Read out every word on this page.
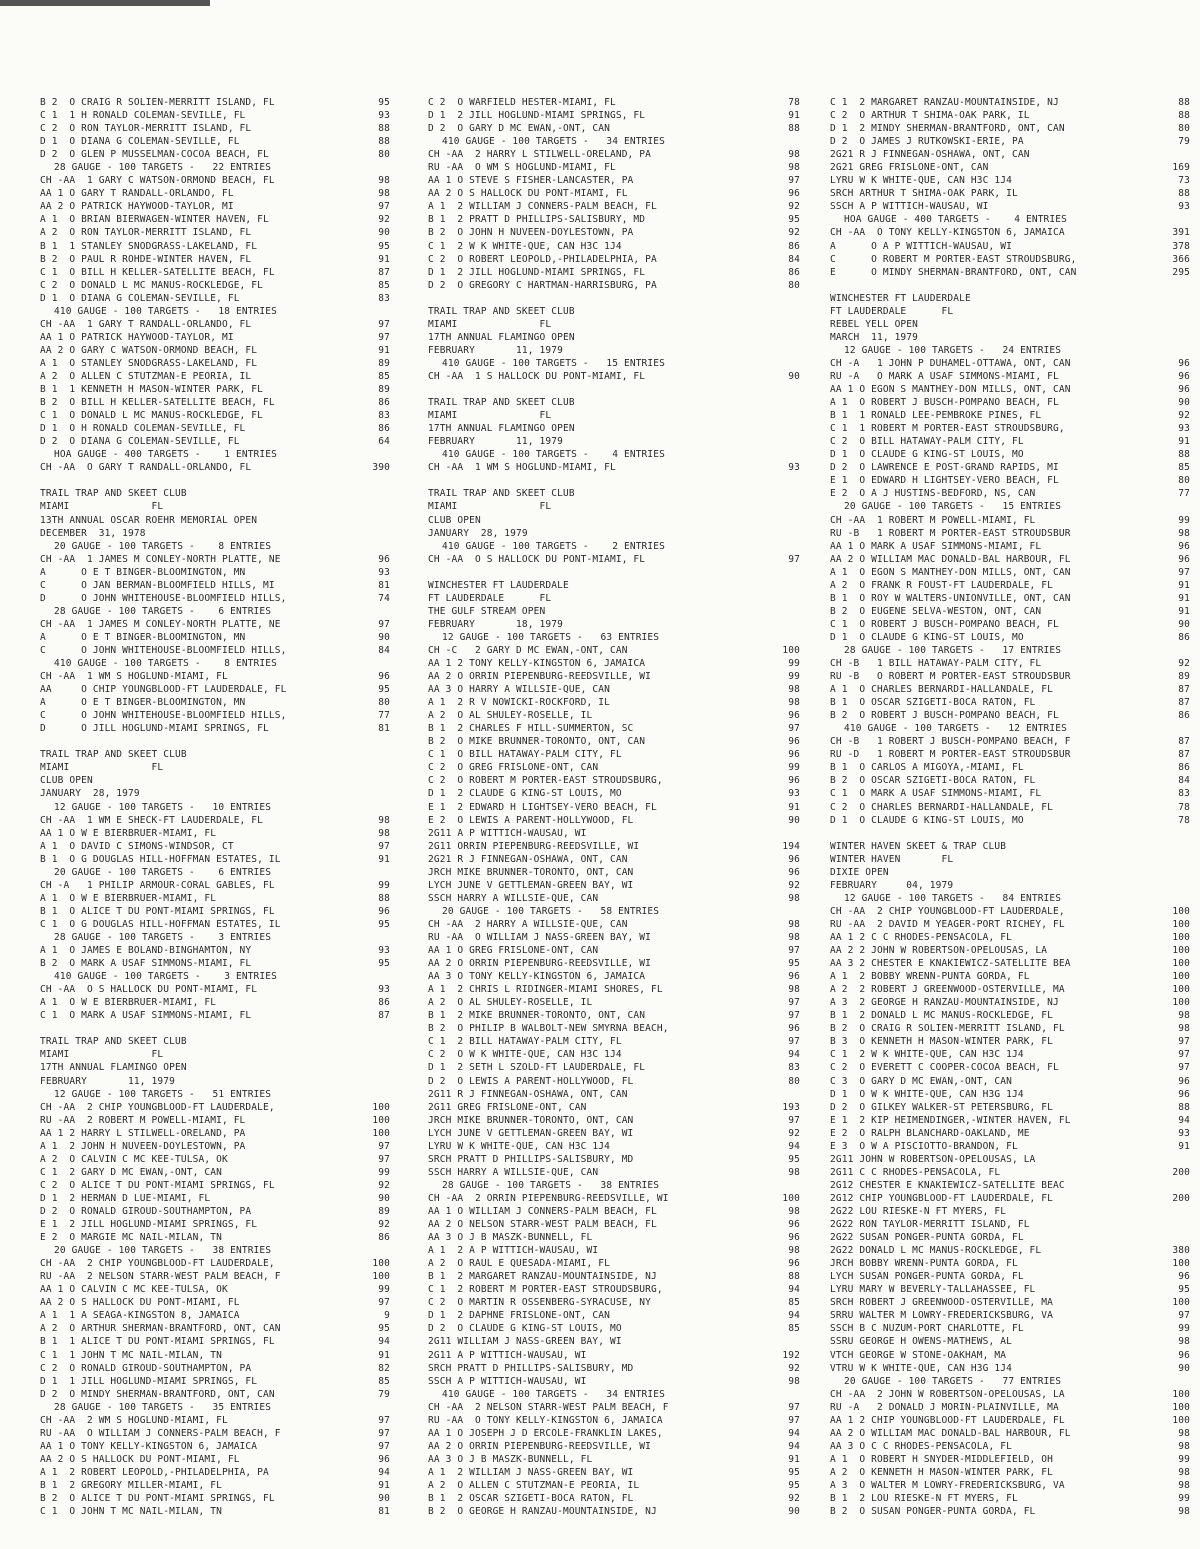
B 2  O CRAIG R SOLIEN-MERRITT ISLAND, FL	95
C 1  1 H RONALD COLEMAN-SEVILLE, FL	93
C 2  O RON TAYLOR-MERRITT ISLAND, FL	88
D 1  O DIANA G COLEMAN-SEVILLE, FL	88
D 2  O GLEN P MUSSELMAN-COCOA BEACH, FL	80
28 GAUGE - 100 TARGETS -   22 ENTRIES
CH -AA  1 GARY C WATSON-ORMOND BEACH, FL	98
AA 1 O GARY T RANDALL-ORLANDO, FL	98
AA 2 O PATRICK HAYWOOD-TAYLOR, MI	97
A 1  O BRIAN BIERWAGEN-WINTER HAVEN, FL	92
A 2  O RON TAYLOR-MERRITT ISLAND, FL	90
B 1  1 STANLEY SNODGRASS-LAKELAND, FL	95
B 2  O PAUL R ROHDE-WINTER HAVEN, FL	91
C 1  O BILL H KELLER-SATELLITE BEACH, FL	87
C 2  O DONALD L MC MANUS-ROCKLEDGE, FL	85
D 1  O DIANA G COLEMAN-SEVILLE, FL	83
410 GAUGE - 100 TARGETS -   18 ENTRIES
CH -AA  1 GARY T RANDALL-ORLANDO, FL	97
AA 1 O PATRICK HAYWOOD-TAYLOR, MI	97
AA 2 O GARY C WATSON-ORMOND BEACH, FL	91
A 1  O STANLEY SNODGRASS-LAKELAND, FL	89
A 2  O ALLEN C STUTZMAN-E PEORIA, IL	85
B 1  1 KENNETH H MASON-WINTER PARK, FL	89
B 2  O BILL H KELLER-SATELLITE BEACH, FL	86
C 1  O DONALD L MC MANUS-ROCKLEDGE, FL	83
D 1  O H RONALD COLEMAN-SEVILLE, FL	86
D 2  O DIANA G COLEMAN-SEVILLE, FL	64
HOA GAUGE - 400 TARGETS -    1 ENTRIES
CH -AA  O GARY T RANDALL-ORLANDO, FL	390
TRAIL TRAP AND SKEET CLUB
MIAMI              FL
13TH ANNUAL OSCAR ROEHR MEMORIAL OPEN
DECEMBER  31, 1978
20 GAUGE - 100 TARGETS -    8 ENTRIES
CH -AA  1 JAMES M CONLEY-NORTH PLATTE, NE	96
A      O E T BINGER-BLOOMINGTON, MN	93
C      O JAN BERMAN-BLOOMFIELD HILLS, MI	81
D      O JOHN WHITEHOUSE-BLOOMFIELD HILLS,	74
28 GAUGE - 100 TARGETS -    6 ENTRIES
CH -AA  1 JAMES M CONLEY-NORTH PLATTE, NE	97
A      O E T BINGER-BLOOMINGTON, MN	90
C      O JOHN WHITEHOUSE-BLOOMFIELD HILLS,	84
410 GAUGE - 100 TARGETS -    8 ENTRIES
CH -AA  1 WM S HOGLUND-MIAMI, FL	96
AA     O CHIP YOUNGBLOOD-FT LAUDERDALE, FL	95
A      O E T BINGER-BLOOMINGTON, MN	80
C      O JOHN WHITEHOUSE-BLOOMFIELD HILLS,	77
D      O JILL HOGLUND-MIAMI SPRINGS, FL	81
TRAIL TRAP AND SKEET CLUB
MIAMI              FL
CLUB OPEN
JANUARY  28, 1979
12 GAUGE - 100 TARGETS -   10 ENTRIES
CH -AA  1 WM E SHECK-FT LAUDERDALE, FL	98
AA 1 O W E BIERBRUER-MIAMI, FL	98
A 1  O DAVID C SIMONS-WINDSOR, CT	97
B 1  O G DOUGLAS HILL-HOFFMAN ESTATES, IL	91
20 GAUGE - 100 TARGETS -    6 ENTRIES
CH -A   1 PHILIP ARMOUR-CORAL GABLES, FL	99
A 1  O W E BIERBRUER-MIAMI, FL	88
B 1  O ALICE T DU PONT-MIAMI SPRINGS, FL	96
C 1  O G DOUGLAS HILL-HOFFMAN ESTATES, IL	95
28 GAUGE - 100 TARGETS -    3 ENTRIES
A 1  O JAMES E BOLAND-BINGHAMTON, NY	93
B 2  O MARK A USAF SIMMONS-MIAMI, FL	95
410 GAUGE - 100 TARGETS -    3 ENTRIES
CH -AA  O S HALLOCK DU PONT-MIAMI, FL	93
A 1  O W E BIERBRUER-MIAMI, FL	86
C 1  O MARK A USAF SIMMONS-MIAMI, FL	87
TRAIL TRAP AND SKEET CLUB
MIAMI              FL
17TH ANNUAL FLAMINGO OPEN
FEBRUARY       11, 1979
12 GAUGE - 100 TARGETS -   51 ENTRIES
CH -AA  2 CHIP YOUNGBLOOD-FT LAUDERDALE,	100
RU -AA  2 ROBERT M POWELL-MIAMI, FL	100
AA 1 2 HARRY L STILWELL-ORELAND, PA	100
A 1  2 JOHN H NUVEEN-DOYLESTOWN, PA	97
A 2  O CALVIN C MC KEE-TULSA, OK	97
C 1  2 GARY D MC EWAN,-ONT, CAN	99
C 2  O ALICE T DU PONT-MIAMI SPRINGS, FL	92
D 1  2 HERMAN D LUE-MIAMI, FL	90
D 2  O RONALD GIROUD-SOUTHAMPTON, PA	89
E 1  2 JILL HOGLUND-MIAMI SPRINGS, FL	92
E 2  O MARGIE MC NAIL-MILAN, TN	86
20 GAUGE - 100 TARGETS -   38 ENTRIES
CH -AA  2 CHIP YOUNGBLOOD-FT LAUDERDALE,	100
RU -AA  2 NELSON STARR-WEST PALM BEACH, F	100
AA 1 O CALVIN C MC KEE-TULSA, OK	99
AA 2 O S HALLOCK DU PONT-MIAMI, FL	97
A 1  1 A SEAGA-KINGSTON 8, JAMAICA	9
A 2  O ARTHUR SHERMAN-BRANTFORD, ONT, CAN	95
B 1  1 ALICE T DU PONT-MIAMI SPRINGS, FL	94
C 1  1 JOHN T MC NAIL-MILAN, TN	91
C 2  O RONALD GIROUD-SOUTHAMPTON, PA	82
D 1  1 JILL HOGLUND-MIAMI SPRINGS, FL	85
D 2  O MINDY SHERMAN-BRANTFORD, ONT, CAN	79
28 GAUGE - 100 TARGETS -   35 ENTRIES
CH -AA  2 WM S HOGLUND-MIAMI, FL	97
RU -AA  O WILLIAM J CONNERS-PALM BEACH, F	97
AA 1 O TONY KELLY-KINGSTON 6, JAMAICA	97
AA 2 O S HALLOCK DU PONT-MIAMI, FL	96
A 1  2 ROBERT LEOPOLD,-PHILADELPHIA, PA	94
B 1  2 GREGORY MILLER-MIAMI, FL	91
B 2  O ALICE T DU PONT-MIAMI SPRINGS, FL	90
C 1  O JOHN T MC NAIL-MILAN, TN	81
C 2  O WARFIELD HESTER-MIAMI, FL	78
D 1  2 JILL HOGLUND-MIAMI SPRINGS, FL	91
D 2  O GARY D MC EWAN,-ONT, CAN	88
410 GAUGE - 100 TARGETS -   34 ENTRIES
CH -AA  2 HARRY L STILWELL-ORELAND, PA	98
RU -AA  O WM S HOGLUND-MIAMI, FL	98
AA 1 O STEVE S FISHER-LANCASTER, PA	97
AA 2 O S HALLOCK DU PONT-MIAMI, FL	96
A 1  2 WILLIAM J CONNERS-PALM BEACH, FL	92
B 1  2 PRATT D PHILLIPS-SALISBURY, MD	95
B 2  O JOHN H NUVEEN-DOYLESTOWN, PA	92
C 1  2 W K WHITE-QUE, CAN H3C 1J4	86
C 2  O ROBERT LEOPOLD,-PHILADELPHIA, PA	84
D 1  2 JILL HOGLUND-MIAMI SPRINGS, FL	86
D 2  O GREGORY C HARTMAN-HARRISBURG, PA	80
TRAIL TRAP AND SKEET CLUB
MIAMI              FL
17TH ANNUAL FLAMINGO OPEN
FEBRUARY       11, 1979
410 GAUGE - 100 TARGETS -   15 ENTRIES
CH -AA  1 S HALLOCK DU PONT-MIAMI, FL	90
TRAIL TRAP AND SKEET CLUB
MIAMI              FL
17TH ANNUAL FLAMINGO OPEN
FEBRUARY       11, 1979
410 GAUGE - 100 TARGETS -    4 ENTRIES
CH -AA  1 WM S HOGLUND-MIAMI, FL	93
TRAIL TRAP AND SKEET CLUB
MIAMI              FL
CLUB OPEN
JANUARY  28, 1979
410 GAUGE - 100 TARGETS -    2 ENTRIES
CH -AA  O S HALLOCK DU PONT-MIAMI, FL	97
WINCHESTER FT LAUDERDALE
FT LAUDERDALE      FL
THE GULF STREAM OPEN
FEBRUARY       18, 1979
12 GAUGE - 100 TARGETS -   63 ENTRIES
CH -C   2 GARY D MC EWAN,-ONT, CAN	100
AA 1 2 TONY KELLY-KINGSTON 6, JAMAICA	99
AA 2 O ORRIN PIEPENBURG-REEDSVILLE, WI	99
AA 3 O HARRY A WILLSIE-QUE, CAN	98
A 1  2 R V NOWICKI-ROCKFORD, IL	98
A 2  O AL SHULEY-ROSELLE, IL	96
B 1  2 CHARLES F HILL-SUMMERTON, SC	97
B 2  O MIKE BRUNNER-TORONTO, ONT, CAN	96
C 1  O BILL HATAWAY-PALM CITY, FL	96
C 2  O GREG FRISLONE-ONT, CAN	99
C 2  O ROBERT M PORTER-EAST STROUDSBURG,	96
D 1  2 CLAUDE G KING-ST LOUIS, MO	93
E 1  2 EDWARD H LIGHTSEY-VERO BEACH, FL	91
E 2  O LEWIS A PARENT-HOLLYWOOD, FL	90
2G11 A P WITTICH-WAUSAU, WI
2G11 ORRIN PIEPENBURG-REEDSVILLE, WI	194
2G21 R J FINNEGAN-OSHAWA, ONT, CAN	96
JRCH MIKE BRUNNER-TORONTO, ONT, CAN	96
LYCH JUNE V GETTLEMAN-GREEN BAY, WI	92
SSCH HARRY A WILLSIE-QUE, CAN	98
20 GAUGE - 100 TARGETS -   58 ENTRIES
CH -AA  2 HARRY A WILLSIE-QUE, CAN	98
RU -AA  O WILLIAM J NASS-GREEN BAY, WI	98
AA 1 O GREG FRISLONE-ONT, CAN	97
AA 2 O ORRIN PIEPENBURG-REEDSVILLE, WI	95
AA 3 O TONY KELLY-KINGSTON 6, JAMAICA	96
A 1  2 CHRIS L RIDINGER-MIAMI SHORES, FL	98
A 2  O AL SHULEY-ROSELLE, IL	97
B 1  2 MIKE BRUNNER-TORONTO, ONT, CAN	97
B 2  O PHILIP B WALBOLT-NEW SMYRNA BEACH,	96
C 1  2 BILL HATAWAY-PALM CITY, FL	97
C 2  O W K WHITE-QUE, CAN H3C 1J4	94
D 1  2 SETH L SZOLD-FT LAUDERDALE, FL	83
D 2  O LEWIS A PARENT-HOLLYWOOD, FL	80
2G11 R J FINNEGAN-OSHAWA, ONT, CAN
2G11 GREG FRISLONE-ONT, CAN	193
JRCH MIKE BRUNNER-TORONTO, ONT, CAN	97
LYCH JUNE V GETTLEMAN-GREEN BAY, WI	92
LYRU W K WHITE-QUE, CAN H3C 1J4	94
SRCH PRATT D PHILLIPS-SALISBURY, MD	95
SSCH HARRY A WILLSIE-QUE, CAN	98
28 GAUGE - 100 TARGETS -   38 ENTRIES
CH -AA  2 ORRIN PIEPENBURG-REEDSVILLE, WI	100
AA 1 O WILLIAM J CONNERS-PALM BEACH, FL	98
AA 2 O NELSON STARR-WEST PALM BEACH, FL	96
AA 3 O J B MASZK-BUNNELL, FL	96
A 1  2 A P WITTICH-WAUSAU, WI	98
A 2  O RAUL E QUESADA-MIAMI, FL	96
B 1  2 MARGARET RANZAU-MOUNTAINSIDE, NJ	88
C 1  2 ROBERT M PORTER-EAST STROUDSBURG,	94
C 2  O MARTIN R OSSENBERG-SYRACUSE, NY	85
D 1  2 DAPHNE FRISLONE-ONT, CAN	94
D 2  O CLAUDE G KING-ST LOUIS, MO	85
2G11 WILLIAM J NASS-GREEN BAY, WI
2G11 A P WITTICH-WAUSAU, WI	192
SRCH PRATT D PHILLIPS-SALISBURY, MD	92
SSCH A P WITTICH-WAUSAU, WI	98
410 GAUGE - 100 TARGETS -   34 ENTRIES
CH -AA  2 NELSON STARR-WEST PALM BEACH, F	97
RU -AA  O TONY KELLY-KINGSTON 6, JAMAICA	97
AA 1 O JOSEPH J D ERCOLE-FRANKLIN LAKES,	94
AA 2 O ORRIN PIEPENBURG-REEDSVILLE, WI	94
AA 3 O J B MASZK-BUNNELL, FL	91
A 1  2 WILLIAM J NASS-GREEN BAY, WI	95
A 2  O ALLEN C STUTZMAN-E PEORIA, IL	95
B 1  2 OSCAR SZIGETI-BOCA RATON, FL	92
B 2  O GEORGE H RANZAU-MOUNTAINSIDE, NJ	90
C 1  2 MARGARET RANZAU-MOUNTAINSIDE, NJ	88
C 2  O ARTHUR T SHIMA-OAK PARK, IL	88
D 1  2 MINDY SHERMAN-BRANTFORD, ONT, CAN	80
D 2  O JAMES J RUTKOWSKI-ERIE, PA	79
2G21 R J FINNEGAN-OSHAWA, ONT, CAN
2G21 GREG FRISLONE-ONT, CAN	169
LYRU W K WHITE-QUE, CAN H3C 1J4	73
SRCH ARTHUR T SHIMA-OAK PARK, IL	88
SSCH A P WITTICH-WAUSAU, WI	93
HOA GAUGE - 400 TARGETS -    4 ENTRIES
CH -AA  O TONY KELLY-KINGSTON 6, JAMAICA	391
A      O A P WITTICH-WAUSAU, WI	378
C      O ROBERT M PORTER-EAST STROUDSBURG,	366
E      O MINDY SHERMAN-BRANTFORD, ONT, CAN	295
WINCHESTER FT LAUDERDALE
FT LAUDERDALE      FL
REBEL YELL OPEN
MARCH  11, 1979
12 GAUGE - 100 TARGETS -   24 ENTRIES
CH -A   1 JOHN P DUHAMEL-OTTAWA, ONT, CAN	96
RU -A   O MARK A USAF SIMMONS-MIAMI, FL	96
AA 1 O EGON S MANTHEY-DON MILLS, ONT, CAN	96
A 1  O ROBERT J BUSCH-POMPANO BEACH, FL	90
B 1  1 RONALD LEE-PEMBROKE PINES, FL	92
C 1  1 ROBERT M PORTER-EAST STROUDSBURG,	93
C 2  O BILL HATAWAY-PALM CITY, FL	91
D 1  O CLAUDE G KING-ST LOUIS, MO	88
D 2  O LAWRENCE E POST-GRAND RAPIDS, MI	85
E 1  O EDWARD H LIGHTSEY-VERO BEACH, FL	80
E 2  O A J HUSTINS-BEDFORD, NS, CAN	77
20 GAUGE - 100 TARGETS -   15 ENTRIES
CH -AA  1 ROBERT M POWELL-MIAMI, FL	99
RU -B   1 ROBERT M PORTER-EAST STROUDSBUR	98
AA 1 O MARK A USAF SIMMONS-MIAMI, FL	96
AA 2 O WILLIAM MAC DONALD-BAL HARBOUR, FL	96
A 1  O EGON S MANTHEY-DON MILLS, ONT, CAN	97
A 2  O FRANK R FOUST-FT LAUDERDALE, FL	91
B 1  O ROY W WALTERS-UNIONVILLE, ONT, CAN	91
B 2  O EUGENE SELVA-WESTON, ONT, CAN	91
C 1  O ROBERT J BUSCH-POMPANO BEACH, FL	90
D 1  O CLAUDE G KING-ST LOUIS, MO	86
28 GAUGE - 100 TARGETS -   17 ENTRIES
CH -B   1 BILL HATAWAY-PALM CITY, FL	92
RU -B   O ROBERT M PORTER-EAST STROUDSBUR	89
A 1  O CHARLES BERNARDI-HALLANDALE, FL	87
B 1  O OSCAR SZIGETI-BOCA RATON, FL	87
B 2  O ROBERT J BUSCH-POMPANO BEACH, FL	86
410 GAUGE - 100 TARGETS -   12 ENTRIES
CH -B   1 ROBERT J BUSCH-POMPANO BEACH, F	87
RU -D   1 ROBERT M PORTER-EAST STROUDSBUR	87
B 1  O CARLOS A MIGOYA,-MIAMI, FL	86
B 2  O OSCAR SZIGETI-BOCA RATON, FL	84
C 1  O MARK A USAF SIMMONS-MIAMI, FL	83
C 2  O CHARLES BERNARDI-HALLANDALE, FL	78
D 1  O CLAUDE G KING-ST LOUIS, MO	78
WINTER HAVEN SKEET & TRAP CLUB
WINTER HAVEN       FL
DIXIE OPEN
FEBRUARY     04, 1979
12 GAUGE - 100 TARGETS -   84 ENTRIES
CH -AA  2 CHIP YOUNGBLOOD-FT LAUDERDALE,	100
RU -AA  2 DAVID M YEAGER-PORT RICHEY, FL	100
AA 1 2 C C RHODES-PENSACOLA, FL	100
AA 2 2 JOHN W ROBERTSON-OPELOUSAS, LA	100
AA 3 2 CHESTER E KNAKIEWICZ-SATELLITE BEA	100
A 1  2 BOBBY WRENN-PUNTA GORDA, FL	100
A 2  2 ROBERT J GREENWOOD-OSTERVILLE, MA	100
A 3  2 GEORGE H RANZAU-MOUNTAINSIDE, NJ	100
B 1  2 DONALD L MC MANUS-ROCKLEDGE, FL	98
B 2  O CRAIG R SOLIEN-MERRITT ISLAND, FL	98
B 3  O KENNETH H MASON-WINTER PARK, FL	97
C 1  2 W K WHITE-QUE, CAN H3C 1J4	97
C 2  O EVERETT C COOPER-COCOA BEACH, FL	97
C 3  O GARY D MC EWAN,-ONT, CAN	96
D 1  O W K WHITE-QUE, CAN H3G 1J4	96
D 2  O GILKEY WALKER-ST PETERSBURG, FL	88
E 1  2 KIP HEIMENDINGER,-WINTER HAVEN, FL	94
E 2  O RALPH BLANCHARD-OAKLAND, ME	93
E 3  O W A PISCIOTTO-BRANDON, FL	91
2G11 JOHN W ROBERTSON-OPELOUSAS, LA
2G11 C C RHODES-PENSACOLA, FL	200
2G12 CHESTER E KNAKIEWICZ-SATELLITE BEAC
2G12 CHIP YOUNGBLOOD-FT LAUDERDALE, FL	200
2G22 LOU RIESKE-N FT MYERS, FL
2G22 RON TAYLOR-MERRITT ISLAND, FL
2G22 SUSAN PONGER-PUNTA GORDA, FL
2G22 DONALD L MC MANUS-ROCKLEDGE, FL	380
JRCH BOBBY WRENN-PUNTA GORDA, FL	100
LYCH SUSAN PONGER-PUNTA GORDA, FL	96
LYRU MARY W BEVERLY-TALLAHASSEE, FL	95
SRCH ROBERT J GREENWOOD-OSTERVILLE, MA	100
SRRU WALTER M LOWRY-FREDERICKSBURG, VA	97
SSCH B C NUZUM-PORT CHARLOTTE, FL	99
SSRU GEORGE H OWENS-MATHEWS, AL	98
VTCH GEORGE W STONE-OAKHAM, MA	96
VTRU W K WHITE-QUE, CAN H3G 1J4	90
20 GAUGE - 100 TARGETS -   77 ENTRIES
CH -AA  2 JOHN W ROBERTSON-OPELOUSAS, LA	100
RU -A   2 DONALD J MORIN-PLAINVILLE, MA	100
AA 1 2 CHIP YOUNGBLOOD-FT LAUDERDALE, FL	100
AA 2 O WILLIAM MAC DONALD-BAL HARBOUR, FL	98
AA 3 O C C RHODES-PENSACOLA, FL	98
A 1  O ROBERT H SNYDER-MIDDLEFIELD, OH	99
A 2  O KENNETH H MASON-WINTER PARK, FL	98
A 3  O WALTER M LOWRY-FREDERICKSBURG, VA	98
B 1  2 LOU RIESKE-N FT MYERS, FL	99
B 2  O SUSAN PONGER-PUNTA GORDA, FL	98
